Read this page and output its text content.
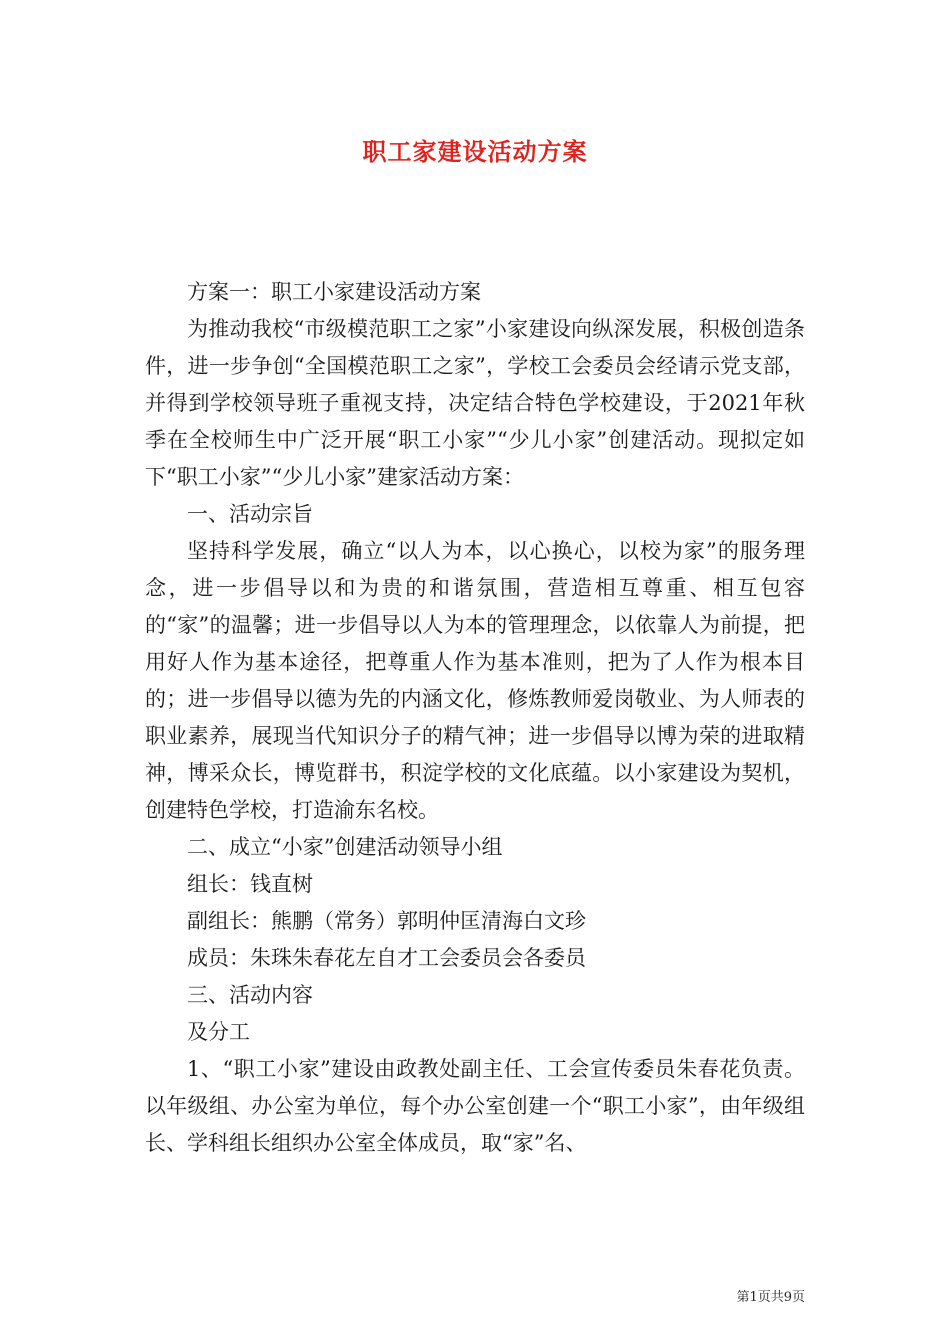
职工家建设活动方案

方案一：职工小家建设活动方案

为推动我校“市级模范职工之家”小家建设向纵深发展，积极创造条件，进一步争创“全国模范职工之家”，学校工会委员会经请示党支部，并得到学校领导班子重视支持，决定结合特色学校建设，于2021年秋季在全校师生中广泛开展“职工小家”“少儿小家”创建活动。现拟定如下“职工小家”“少儿小家”建家活动方案：

一、活动宗旨

坚持科学发展，确立“以人为本，以心换心，以校为家”的服务理念，进一步倡导以和为贵的和谐氛围，营造相互尊重、相互包容的“家”的温馨；进一步倡导以人为本的管理理念，以依靠人为前提，把用好人作为基本途径，把尊重人作为基本准则，把为了人作为根本目的；进一步倡导以德为先的内涵文化，修炼教师爱岗敬业、为人师表的职业素养，展现当代知识分子的精气神；进一步倡导以博为荣的进取精神，博采众长，博览群书，积淀学校的文化底蕴。以小家建设为契机，创建特色学校，打造渝东名校。

二、成立“小家”创建活动领导小组

组长：钱直树

副组长：熊鹏（常务）郭明仲匡清海白文珍

成员：朱珠朱春花左自才工会委员会各委员

三、活动内容

及分工

1、“职工小家”建设由政教处副主任、工会宣传委员朱春花负责。以年级组、办公室为单位，每个办公室创建一个“职工小家”，由年级组长、学科组长组织办公室全体成员，取“家”名、

第1页共9页
